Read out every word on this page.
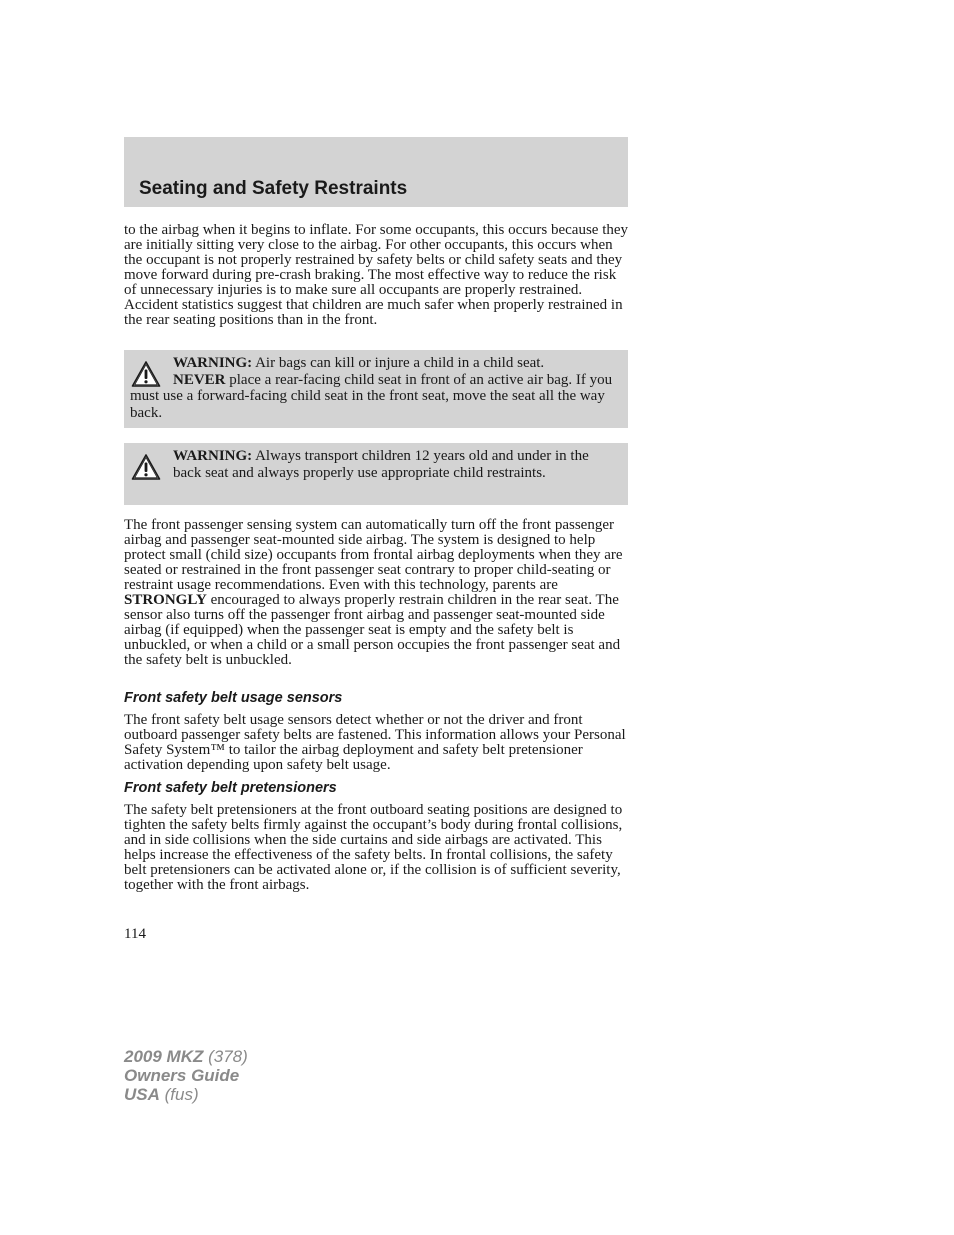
Seating and Safety Restraints

to the airbag when it begins to inflate. For some occupants, this occurs because they are initially sitting very close to the airbag. For other occupants, this occurs when the occupant is not properly restrained by safety belts or child safety seats and they move forward during pre-crash braking. The most effective way to reduce the risk of unnecessary injuries is to make sure all occupants are properly restrained. Accident statistics suggest that children are much safer when properly restrained in the rear seating positions than in the front.

WARNING: Air bags can kill or injure a child in a child seat.
NEVER place a rear-facing child seat in front of an active air bag. If you must use a forward-facing child seat in the front seat, move the seat all the way back.
WARNING: Always transport children 12 years old and under in the back seat and always properly use appropriate child restraints.

The front passenger sensing system can automatically turn off the front passenger airbag and passenger seat-mounted side airbag. The system is designed to help protect small (child size) occupants from frontal airbag deployments when they are seated or restrained in the front passenger seat contrary to proper child-seating or restraint usage recommendations. Even with this technology, parents are STRONGLY encouraged to always properly restrain children in the rear seat. The sensor also turns off the passenger front airbag and passenger seat-mounted side airbag (if equipped) when the passenger seat is empty and the safety belt is unbuckled, or when a child or a small person occupies the front passenger seat and the safety belt is unbuckled.

Front safety belt usage sensors

The front safety belt usage sensors detect whether or not the driver and front outboard passenger safety belts are fastened. This information allows your Personal Safety System™ to tailor the airbag deployment and safety belt pretensioner activation depending upon safety belt usage.

Front safety belt pretensioners

The safety belt pretensioners at the front outboard seating positions are designed to tighten the safety belts firmly against the occupant’s body during frontal collisions, and in side collisions when the side curtains and side airbags are activated. This helps increase the effectiveness of the safety belts. In frontal collisions, the safety belt pretensioners can be activated alone or, if the collision is of sufficient severity, together with the front airbags.

114
2009 MKZ (378)
Owners Guide
USA (fus)
